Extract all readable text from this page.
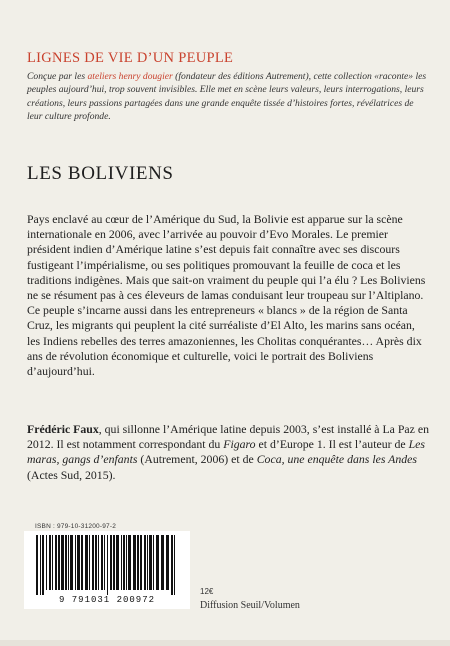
LIGNES DE VIE D’UN PEUPLE
Conçue par les ateliers henry dougier (fondateur des éditions Autrement), cette collection «raconte» les peuples aujourd’hui, trop souvent invisibles. Elle met en scène leurs valeurs, leurs interrogations, leurs créations, leurs passions partagées dans une grande enquête tissée d’histoires fortes, révélatrices de leur culture profonde.
LES BOLIVIENS
Pays enclavé au cœur de l’Amérique du Sud, la Bolivie est apparue sur la scène internationale en 2006, avec l’arrivée au pouvoir d’Evo Morales. Le premier président indien d’Amérique latine s’est depuis fait connaître avec ses discours fustigeant l’impérialisme, ou ses politiques promouvant la feuille de coca et les traditions indigènes. Mais que sait-on vraiment du peuple qui l’a élu ? Les Boliviens ne se résument pas à ces éleveurs de lamas conduisant leur troupeau sur l’Altiplano. Ce peuple s’incarne aussi dans les entrepreneurs « blancs » de la région de Santa Cruz, les migrants qui peuplent la cité surréaliste d’El Alto, les marins sans océan, les Indiens rebelles des terres amazoniennes, les Cholitas conquérantes… Après dix ans de révolution économique et culturelle, voici le portrait des Boliviens d’aujourd’hui.
Frédéric Faux, qui sillonne l’Amérique latine depuis 2003, s’est installé à La Paz en 2012. Il est notamment correspondant du Figaro et d’Europe 1. Il est l’auteur de Les maras, gangs d’enfants (Autrement, 2006) et de Coca, une enquête dans les Andes (Actes Sud, 2015).
ISBN : 979-10-31200-97-2
9 791031 200972
12€
Diffusion Seuil/Volumen
